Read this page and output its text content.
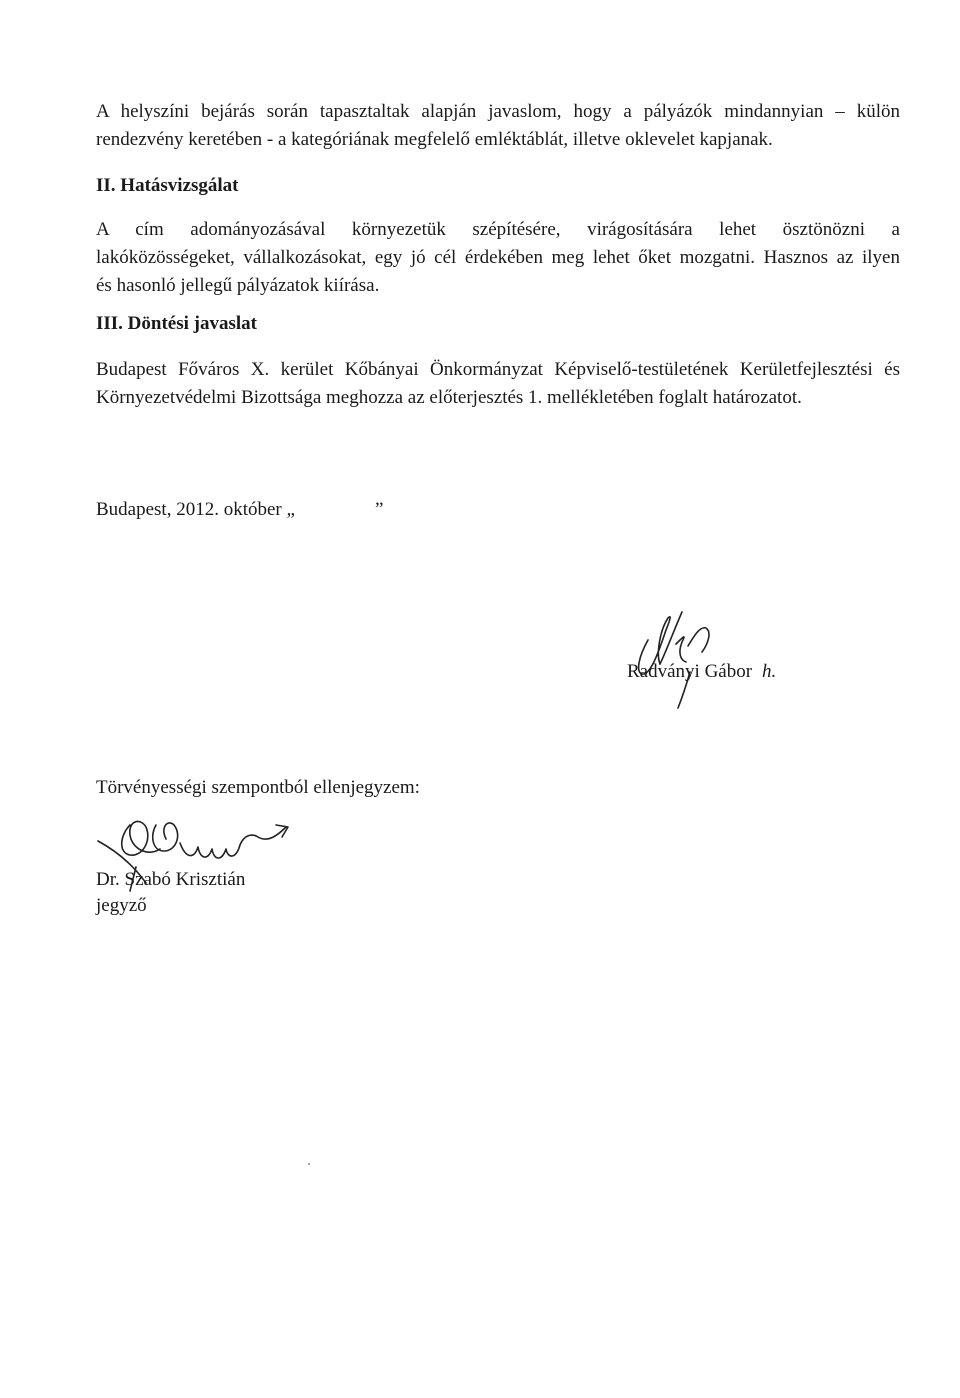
A helyszíni bejárás során tapasztaltak alapján javaslom, hogy a pályázók mindannyian – külön
rendezvény keretében - a kategóriának megfelelő emléktáblát, illetve oklevelet kapjanak.
II. Hatásvizsgálat
A cím adományozásával környezetük szépítésére, virágosítására lehet ösztönözni a
lakóközösségeket, vállalkozásokat, egy jó cél érdekében meg lehet őket mozgatni. Hasznos az ilyen
és hasonló jellegű pályázatok kiírása.
III. Döntési javaslat
Budapest Főváros X. kerület Kőbányai Önkormányzat Képviselő-testületének Kerületfejlesztési és
Környezetvédelmi Bizottsága meghozza az előterjesztés 1. mellékletében foglalt határozatot.
Budapest, 2012. október „	”
Radványi Gábor h.
Törvényességi szempontból ellenjegyzem:
Dr. Szabó Krisztián
jegyző
